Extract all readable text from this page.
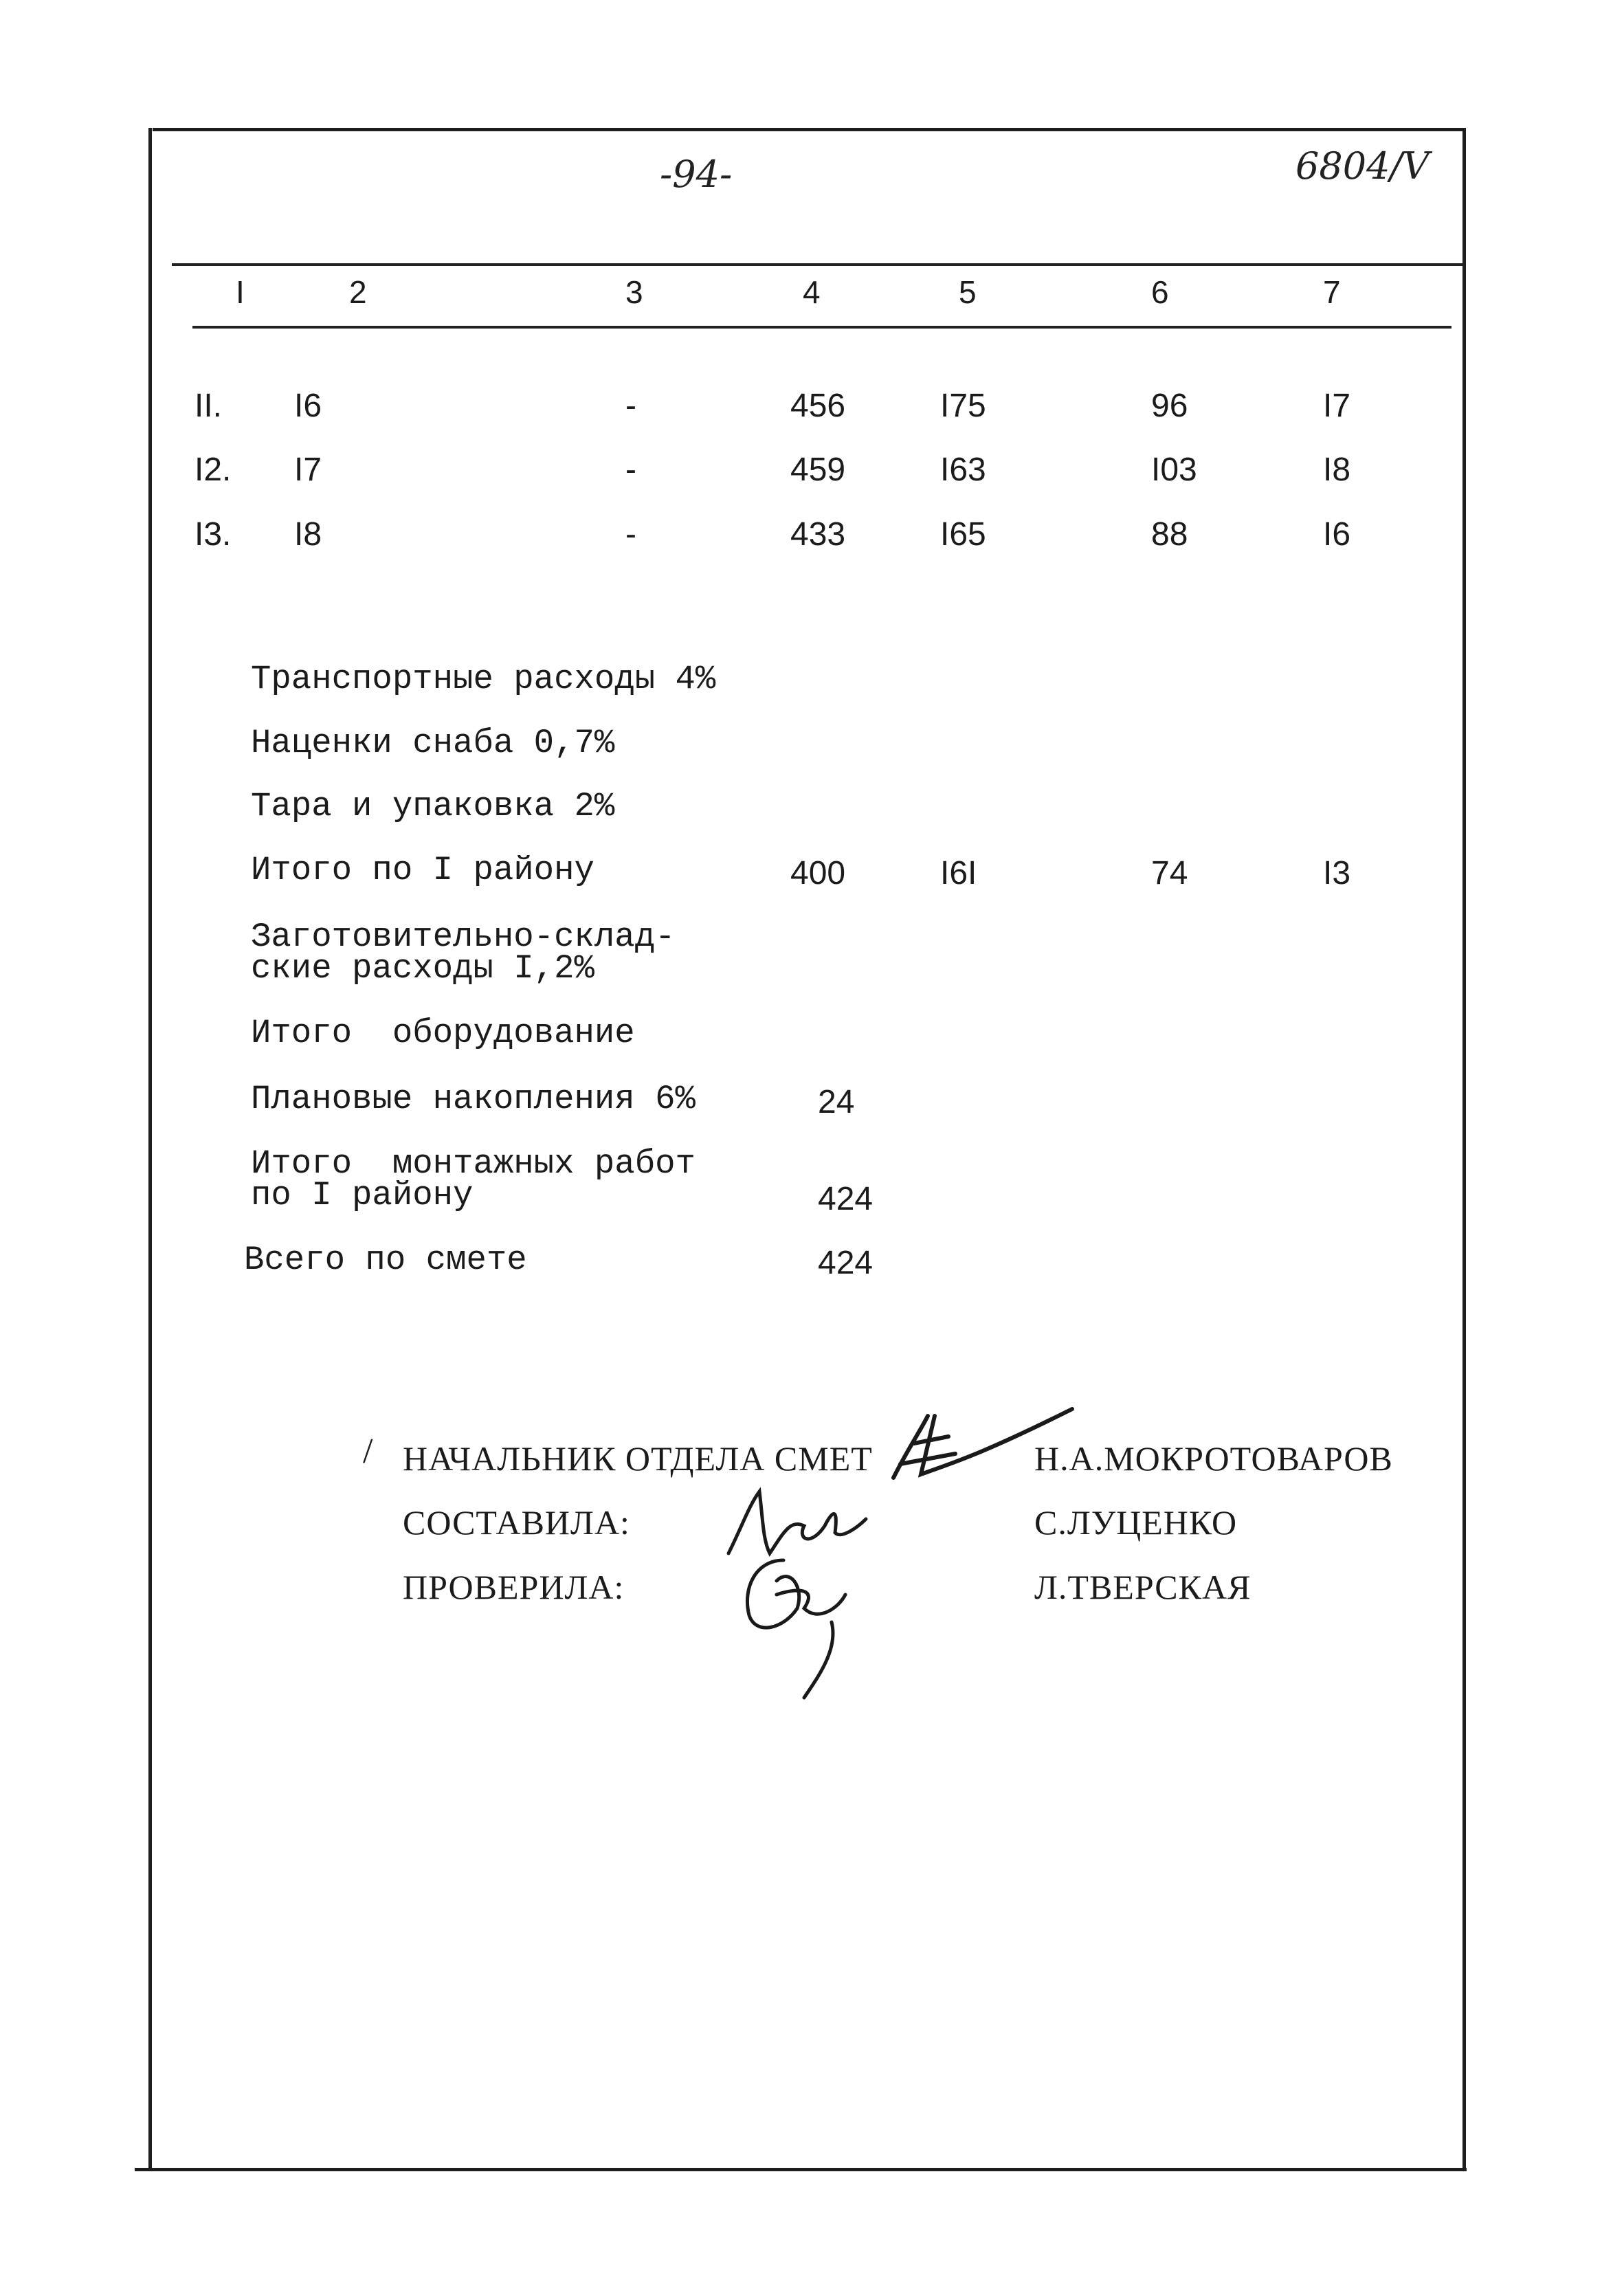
-94-	6804/V
I	2	3	4	5	6	7
II. I6	-	456	I75	96	I7
I2. I7	-	459	I63	I03	I8
I3. I8	-	433	I65	88	I6
Транспортные расходы 4%
Наценки снаба 0,7%
Тара и упаковка 2%
Итого по I району	400	I6I	74	I3
Заготовительно-склад-
ские расходы I,2%
Итого  оборудование
Плановые накопления 6%	24
Итого  монтажных работ
по I району	424
Всего по смете	424
/ НАЧАЛЬНИК ОТДЕЛА СМЕТ	Н.А.МОКРОТОВАРОВ
СОСТАВИЛА:	С.ЛУЦЕНКО
ПРОВЕРИЛА:	Л.ТВЕРСКАЯ
